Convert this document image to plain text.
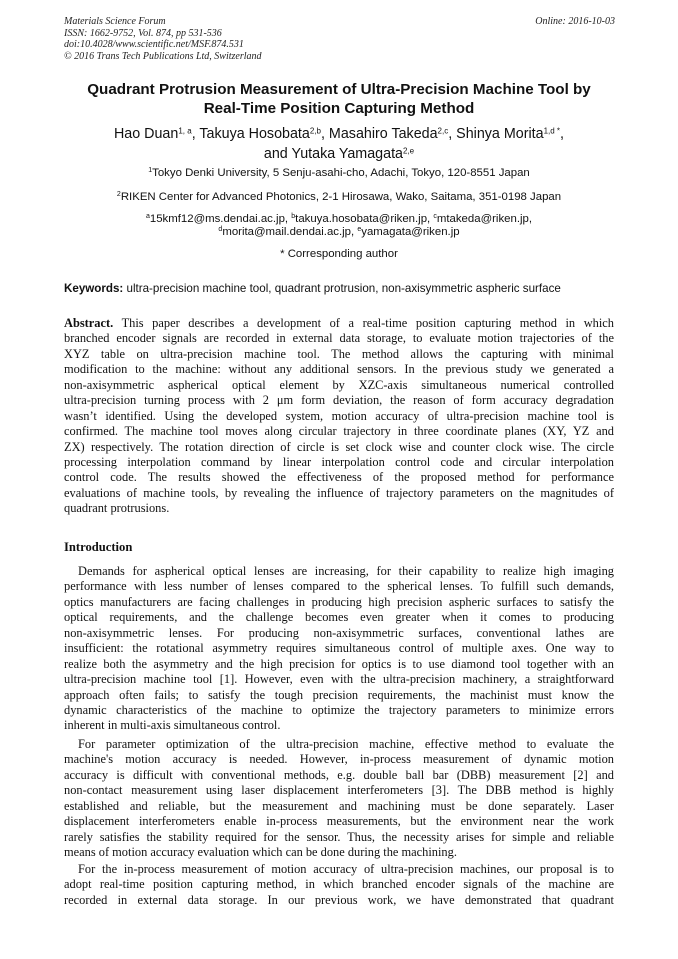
Materials Science Forum
ISSN: 1662-9752, Vol. 874, pp 531-536
doi:10.4028/www.scientific.net/MSF.874.531
© 2016 Trans Tech Publications Ltd, Switzerland
Online: 2016-10-03
Quadrant Protrusion Measurement of Ultra-Precision Machine Tool by
Real-Time Position Capturing Method
Hao Duan$^{1, a}$, Takuya Hosobata$^{2,b}$, Masahiro Takeda$^{2,c}$, Shinya Morita$^{1,d *}$,
and Yutaka Yamagata$^{2,e}$
$^1$Tokyo Denki University, 5 Senju-asahi-cho, Adachi, Tokyo, 120-8551 Japan
$^2$RIKEN Center for Advanced Photonics, 2-1 Hirosawa, Wako, Saitama, 351-0198 Japan
$^a$15kmf12@ms.dendai.ac.jp, $^b$takuya.hosobata@riken.jp, $^c$mtakeda@riken.jp,
$^d$morita@mail.dendai.ac.jp, $^e$yamagata@riken.jp
* Corresponding author
Keywords: ultra-precision machine tool, quadrant protrusion, non-axisymmetric aspheric surface
Abstract. This paper describes a development of a real-time position capturing method in which
branched encoder signals are recorded in external data storage, to evaluate motion trajectories of the
XYZ table on ultra-precision machine tool. The method allows the capturing with minimal
modification to the machine: without any additional sensors. In the previous study we generated a
non-axisymmetric aspherical optical element by XZC-axis simultaneous numerical controlled
ultra-precision turning process with 2 μm form deviation, the reason of form accuracy degradation
wasn’t identified. Using the developed system, motion accuracy of ultra-precision machine tool is
confirmed. The machine tool moves along circular trajectory in three coordinate planes (XY, YZ and
ZX) respectively. The rotation direction of circle is set clock wise and counter clock wise. The circle
processing interpolation command by linear interpolation control code and circular interpolation
control code. The results showed the effectiveness of the proposed method for performance
evaluations of machine tools, by revealing the influence of trajectory parameters on the magnitudes of
quadrant protrusions.
Introduction
Demands for aspherical optical lenses are increasing, for their capability to realize high imaging
performance with less number of lenses compared to the spherical lenses. To fulfill such demands,
optics manufacturers are facing challenges in producing high precision aspheric surfaces to satisfy the
optical requirements, and the challenge becomes even greater when it comes to producing
non-axisymmetric lenses. For producing non-axisymmetric surfaces, conventional lathes are
insufficient: the rotational asymmetry requires simultaneous control of multiple axes. One way to
realize both the asymmetry and the high precision for optics is to use diamond tool together with an
ultra-precision machine tool [1]. However, even with the ultra-precision machinery, a straightforward
approach often fails; to satisfy the tough precision requirements, the machinist must know the
dynamic characteristics of the machine to optimize the trajectory parameters to minimize errors
inherent in multi-axis simultaneous control.
For parameter optimization of the ultra-precision machine, effective method to evaluate the
machine's motion accuracy is needed. However, in-process measurement of dynamic motion
accuracy is difficult with conventional methods, e.g. double ball bar (DBB) measurement [2] and
non-contact measurement using laser displacement interferometers [3]. The DBB method is highly
established and reliable, but the measurement and machining must be done separately. Laser
displacement interferometers enable in-process measurements, but the environment near the work
rarely satisfies the stability required for the sensor. Thus, the necessity arises for simple and reliable
means of motion accuracy evaluation which can be done during the machining.
For the in-process measurement of motion accuracy of ultra-precision machines, our proposal is to
adopt real-time position capturing method, in which branched encoder signals of the machine are
recorded in external data storage. In our previous work, we have demonstrated that quadrant
